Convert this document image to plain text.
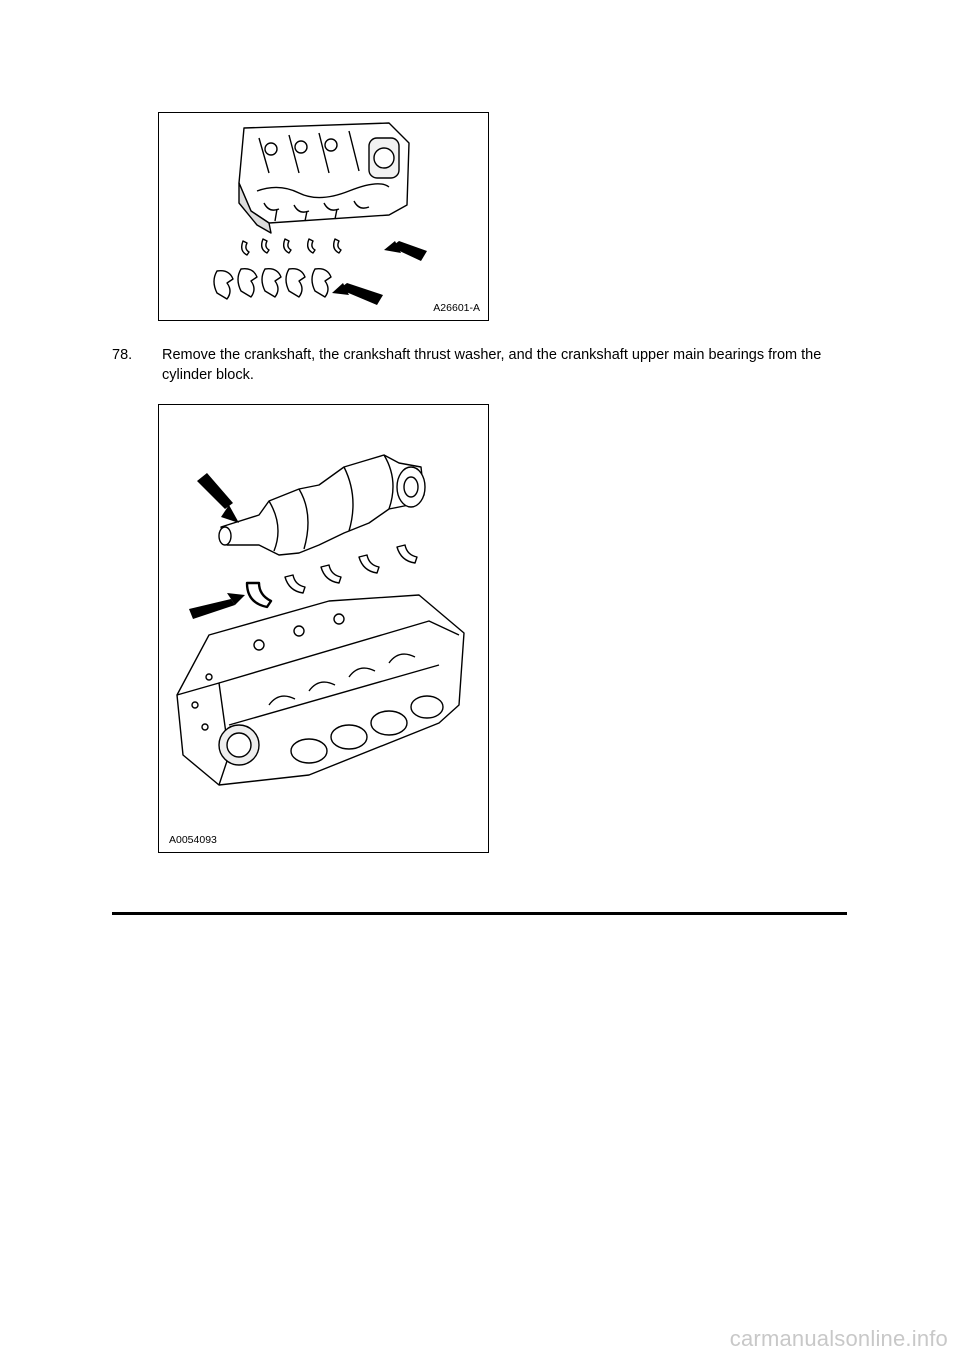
A26601-A
78. Remove the crankshaft, the crankshaft thrust washer, and the crankshaft upper main bearings from the cylinder block.
A0054093
carmanualsonline.info
